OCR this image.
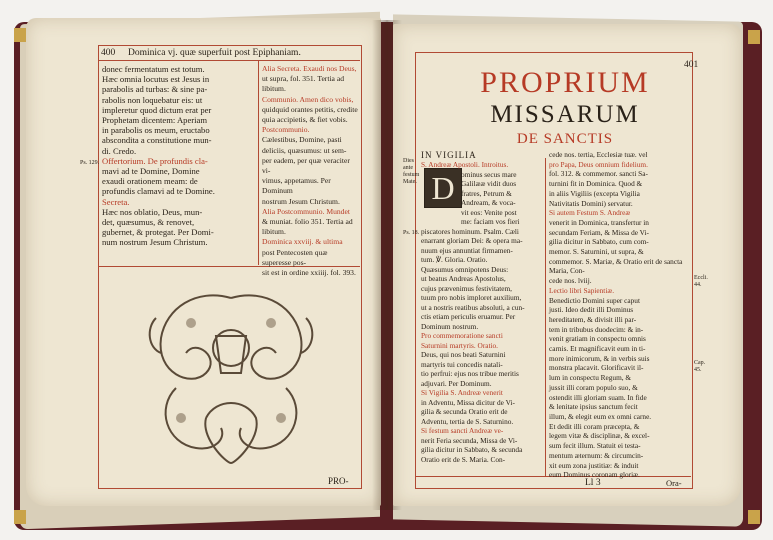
400 Dominica vj. quæ superfuit post Epiphaniam.
donec fermentatum est totum.
Hæc omnia locutus est Jesus in
parabolis ad turbas: & sine pa-
rabolis non loquebatur eis: ut
impleretur quod dictum erat per
Prophetam dicentem: Aperiam
in parabolis os meum, eructabo
abscondita a constitutione mun-
di. Credo.
Offertorium. De profundis cla-
mavi ad te Domine, Domine
exaudi orationem meam: de
profundis clamavi ad te Domine.
Secreta.
Hæc nos oblatio, Deus, mun-
det, quæsumus, & renovet,
gubernet, & protegat. Per Domi-
num nostrum Jesum Christum.
Alia Secreta. Exaudi nos Deus,
ut supra, fol. 351. Tertia ad
libitum.
Communio. Amen dico vobis,
quidquid orantes petitis, credite
quia accipietis, & fiet vobis.
Postcommunio.
Cælestibus, Domine, pasti
deliciis, quæsumus: ut sem-
per eadem, per quæ veraciter vi-
vimus, appetamus. Per Dominum
nostrum Jesum Christum.
Alia Postcommunio. Mundet
& muniat. folio 351. Tertia ad
libitum.
Dominica xxviij. & ultima
post Pentecosten quæ superesse pos-
sit est in ordine xxiiij. fol. 393.
Ps. 129.
PRO-
401
PROPRIUM
MISSARUM
DE SANCTIS
IN VIGILIA
D
S. Andreæ Apostoli. Introitus.
ominus secus mare
Galilææ vidit duos
fratres, Petrum &
Andream, & voca-
vit eos: Venite post
me: faciam vos fieri
piscatores hominum. Psalm. Cæli
enarrant gloriam Dei: & opera ma-
nuum ejus annuntiat firmamen-
tum. ℣. Gloria. Oratio.
Quæsumus omnipotens Deus:
ut beatus Andreas Apostolus,
cujus prævenimus festivitatem,
tuum pro nobis imploret auxilium,
ut a nostris reatibus absoluti, a cun-
ctis etiam periculis eruamur. Per
Dominum nostrum.
Pro commemoratione sancti
Saturnini martyris. Oratio.
Deus, qui nos beati Saturnini
martyris tui concedis natali-
tio perfrui: ejus nos tribue meritis
adjuvari. Per Dominum.
Si Vigilia S. Andreæ venerit
in Adventu, Missa dicitur de Vi-
gilia & secunda Oratio erit de
Adventu, tertia de S. Saturnino.
Si festum sancti Andreæ ve-
nerit Feria secunda, Missa de Vi-
gilia dicitur in Sabbato, & secunda
Oratio erit de S. Maria. Con-
cede nos. tertia, Ecclesiæ tuæ. vel
pro Papa, Deus omnium fidelium.
fol. 312. & commemor. sancti Sa-
turnini fit in Dominica. Quod &
in aliis Vigiliis (excepta Vigilia
Nativitatis Domini) servatur.
Si autem Festum S. Andreæ
venerit in Dominica, transfertur in
secundam Feriam, & Missa de Vi-
gilia dicitur in Sabbato, cum com-
memor. S. Saturnini, ut supra, &
commemor. S. Mariæ, & Oratio erit de sancta Maria, Con-
cede nos. lviij.
Lectio libri Sapientiæ.
Benedictio Domini super caput
justi. Ideo dedit illi Dominus
hereditatem, & divisit illi par-
tem in tribubus duodecim: & in-
venit gratiam in conspectu omnis
carnis. Et magnificavit eum in ti-
more inimicorum, & in verbis suis
monstra placavit. Glorificavit il-
lum in conspectu Regum, &
jussit illi coram populo suo, &
ostendit illi gloriam suam. In fide
& lenitate ipsius sanctum fecit
illum, & elegit eum ex omni carne.
Et dedit illi coram præcepta, &
legem vitæ & disciplinæ, & excel-
sum fecit illum. Statuit ei testa-
mentum æternum: & circumcin-
xit eum zona justitiæ: & induit
eum Dominus coronam gloriæ.
Dies ante festum Mate.
Ps. 18.
Eccli. 44.
Cap. 45.
Ll 3	Ora-
